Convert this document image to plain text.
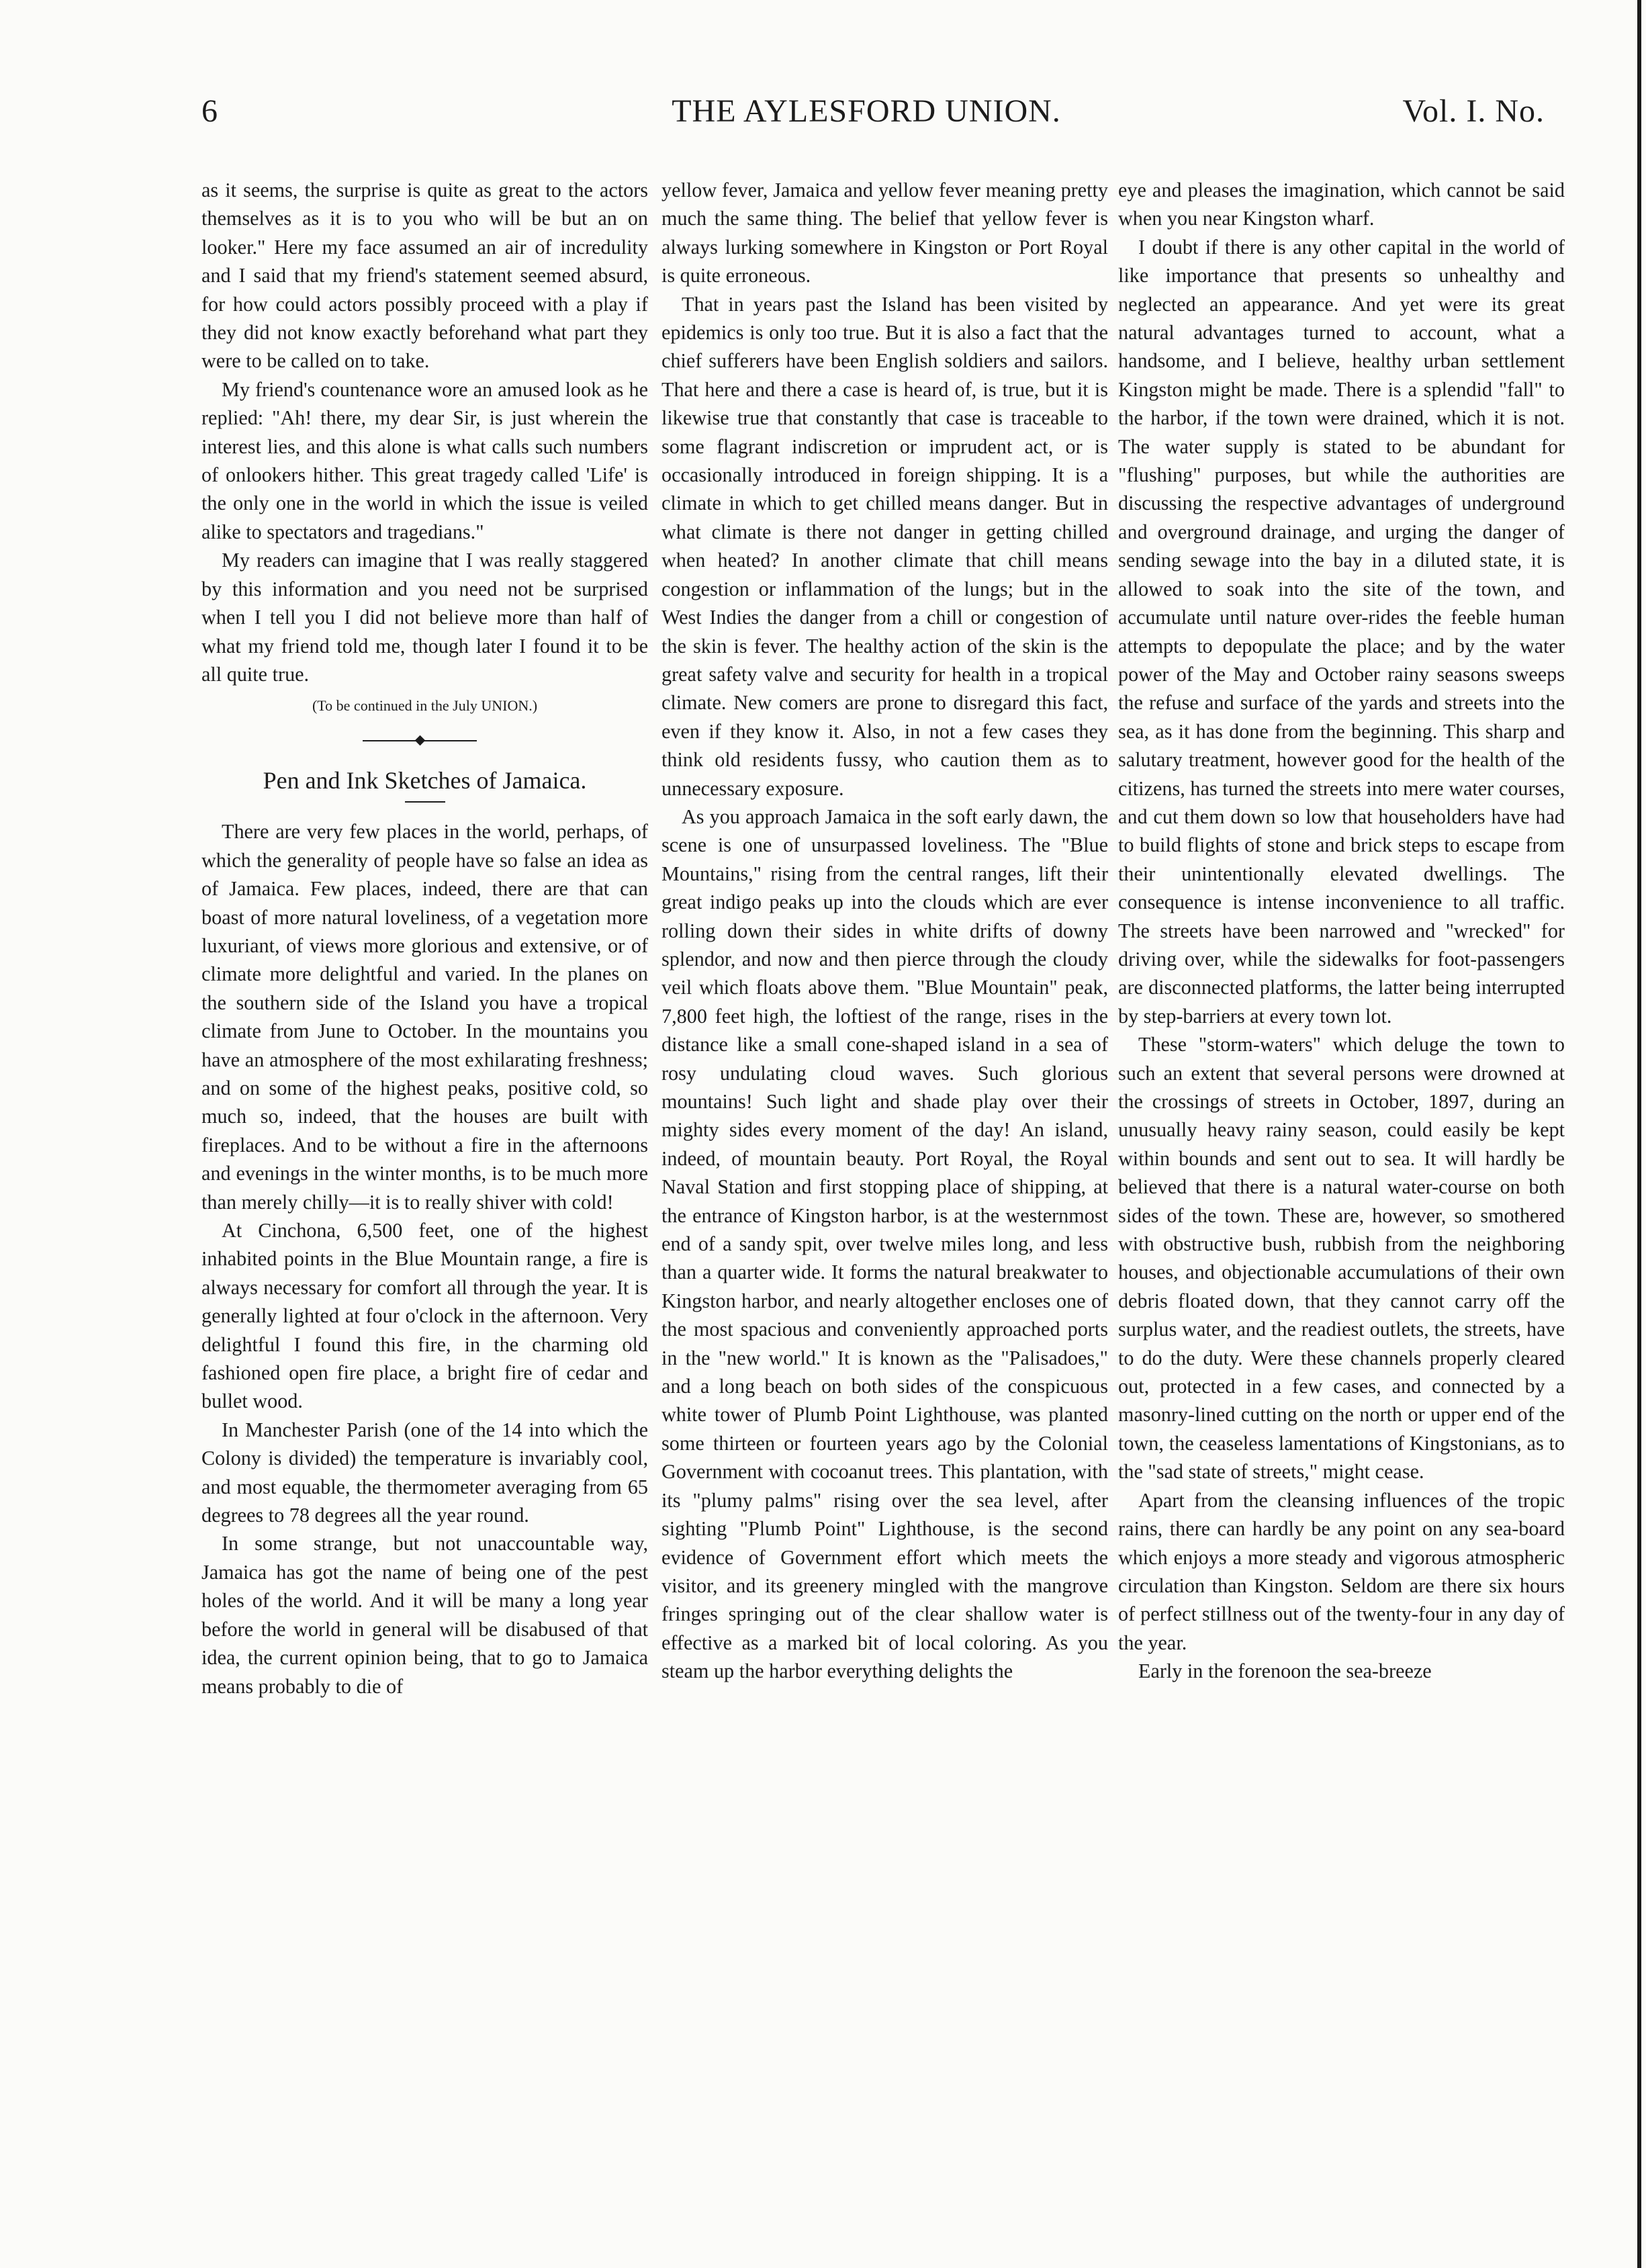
6	THE AYLESFORD UNION.	Vol. I. No.

as it seems, the surprise is quite as great to the actors themselves as it is to you who will be but an on looker." Here my face assumed an air of incredulity and I said that my friend's statement seemed absurd, for how could actors possibly proceed with a play if they did not know exactly beforehand what part they were to be called on to take.

My friend's countenance wore an amused look as he replied: "Ah! there, my dear Sir, is just wherein the interest lies, and this alone is what calls such numbers of onlookers hither. This great tragedy called 'Life' is the only one in the world in which the issue is veiled alike to spectators and tragedians."

My readers can imagine that I was really staggered by this information and you need not be surprised when I tell you I did not believe more than half of what my friend told me, though later I found it to be all quite true.

(To be continued in the July UNION.)
Pen and Ink Sketches of Jamaica.

There are very few places in the world, perhaps, of which the generality of people have so false an idea as of Jamaica. Few places, indeed, there are that can boast of more natural loveliness, of a vegetation more luxuriant, of views more glorious and extensive, or of climate more delightful and varied. In the planes on the southern side of the Island you have a tropical climate from June to October. In the mountains you have an atmosphere of the most exhilarating freshness; and on some of the highest peaks, positive cold, so much so, indeed, that the houses are built with fireplaces. And to be without a fire in the afternoons and evenings in the winter months, is to be much more than merely chilly—it is to really shiver with cold!

At Cinchona, 6,500 feet, one of the highest inhabited points in the Blue Mountain range, a fire is always necessary for comfort all through the year. It is generally lighted at four o'clock in the afternoon. Very delightful I found this fire, in the charming old fashioned open fire place, a bright fire of cedar and bullet wood.

In Manchester Parish (one of the 14 into which the Colony is divided) the temperature is invariably cool, and most equable, the thermometer averaging from 65 degrees to 78 degrees all the year round.

In some strange, but not unaccountable way, Jamaica has got the name of being one of the pest holes of the world. And it will be many a long year before the world in general will be disabused of that idea, the current opinion being, that to go to Jamaica means probably to die of

yellow fever, Jamaica and yellow fever meaning pretty much the same thing. The belief that yellow fever is always lurking somewhere in Kingston or Port Royal is quite erroneous.

That in years past the Island has been visited by epidemics is only too true. But it is also a fact that the chief sufferers have been English soldiers and sailors. That here and there a case is heard of, is true, but it is likewise true that constantly that case is traceable to some flagrant indiscretion or imprudent act, or is occasionally introduced in foreign shipping. It is a climate in which to get chilled means danger. But in what climate is there not danger in getting chilled when heated? In another climate that chill means congestion or inflammation of the lungs; but in the West Indies the danger from a chill or congestion of the skin is fever. The healthy action of the skin is the great safety valve and security for health in a tropical climate. New comers are prone to disregard this fact, even if they know it. Also, in not a few cases they think old residents fussy, who caution them as to unnecessary exposure.

As you approach Jamaica in the soft early dawn, the scene is one of unsurpassed loveliness. The "Blue Mountains," rising from the central ranges, lift their great indigo peaks up into the clouds which are ever rolling down their sides in white drifts of downy splendor, and now and then pierce through the cloudy veil which floats above them. "Blue Mountain" peak, 7,800 feet high, the loftiest of the range, rises in the distance like a small cone-shaped island in a sea of rosy undulating cloud waves. Such glorious mountains! Such light and shade play over their mighty sides every moment of the day! An island, indeed, of mountain beauty. Port Royal, the Royal Naval Station and first stopping place of shipping, at the entrance of Kingston harbor, is at the westernmost end of a sandy spit, over twelve miles long, and less than a quarter wide. It forms the natural breakwater to Kingston harbor, and nearly altogether encloses one of the most spacious and conveniently approached ports in the "new world." It is known as the "Palisadoes," and a long beach on both sides of the conspicuous white tower of Plumb Point Lighthouse, was planted some thirteen or fourteen years ago by the Colonial Government with cocoanut trees. This plantation, with its "plumy palms" rising over the sea level, after sighting "Plumb Point" Lighthouse, is the second evidence of Government effort which meets the visitor, and its greenery mingled with the mangrove fringes springing out of the clear shallow water is effective as a marked bit of local coloring. As you steam up the harbor everything delights the

eye and pleases the imagination, which cannot be said when you near Kingston wharf.

I doubt if there is any other capital in the world of like importance that presents so unhealthy and neglected an appearance. And yet were its great natural advantages turned to account, what a handsome, and I believe, healthy urban settlement Kingston might be made. There is a splendid "fall" to the harbor, if the town were drained, which it is not. The water supply is stated to be abundant for "flushing" purposes, but while the authorities are discussing the respective advantages of underground and overground drainage, and urging the danger of sending sewage into the bay in a diluted state, it is allowed to soak into the site of the town, and accumulate until nature over-rides the feeble human attempts to depopulate the place; and by the water power of the May and October rainy seasons sweeps the refuse and surface of the yards and streets into the sea, as it has done from the beginning. This sharp and salutary treatment, however good for the health of the citizens, has turned the streets into mere water courses, and cut them down so low that householders have had to build flights of stone and brick steps to escape from their unintentionally elevated dwellings. The consequence is intense inconvenience to all traffic. The streets have been narrowed and "wrecked" for driving over, while the sidewalks for foot-passengers are disconnected platforms, the latter being interrupted by step-barriers at every town lot.

These "storm-waters" which deluge the town to such an extent that several persons were drowned at the crossings of streets in October, 1897, during an unusually heavy rainy season, could easily be kept within bounds and sent out to sea. It will hardly be believed that there is a natural water-course on both sides of the town. These are, however, so smothered with obstructive bush, rubbish from the neighboring houses, and objectionable accumulations of their own debris floated down, that they cannot carry off the surplus water, and the readiest outlets, the streets, have to do the duty. Were these channels properly cleared out, protected in a few cases, and connected by a masonry-lined cutting on the north or upper end of the town, the ceaseless lamentations of Kingstonians, as to the "sad state of streets," might cease.

Apart from the cleansing influences of the tropic rains, there can hardly be any point on any sea-board which enjoys a more steady and vigorous atmospheric circulation than Kingston. Seldom are there six hours of perfect stillness out of the twenty-four in any day of the year.

Early in the forenoon the sea-breeze
